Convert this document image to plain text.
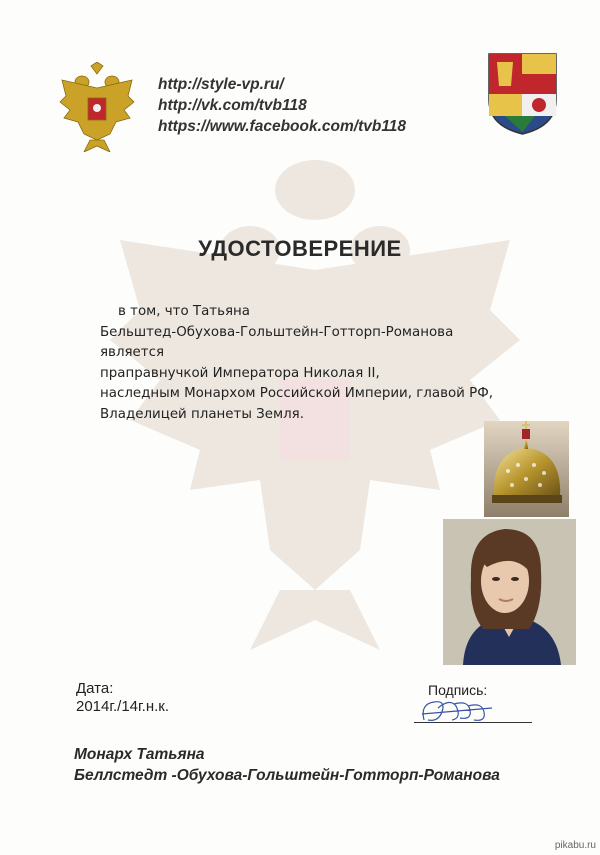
http://style-vp.ru/
http://vk.com/tvb118
https://www.facebook.com/tvb118
УДОСТОВЕРЕНИЕ
в том, что Татьяна
Бельштед-Обухова-Гольштейн-Готторп-Романова
является
праправнучкой Императора Николая II,
наследным Монархом Российской Империи, главой РФ,
Владелицей планеты Земля.
Дата:
2014г./14г.н.к.
Подпись:
Монарх Татьяна
Беллстедт -Обухова-Гольштейн-Готторп-Романова
pikabu.ru
